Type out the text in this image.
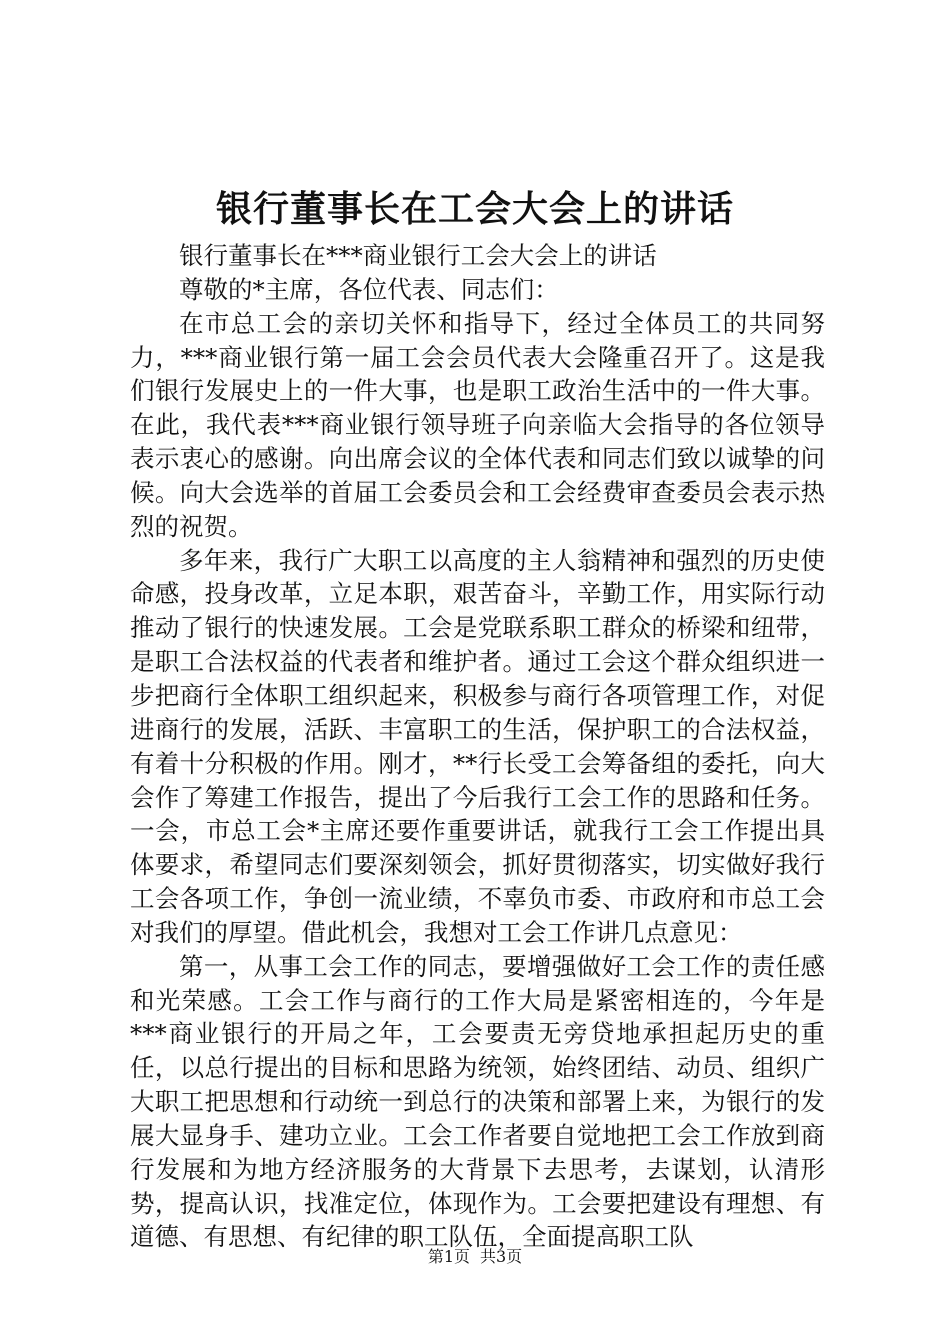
银行董事长在工会大会上的讲话

银行董事长在***商业银行工会大会上的讲话

尊敬的*主席，各位代表、同志们：

在市总工会的亲切关怀和指导下，经过全体员工的共同努力，***商业银行第一届工会会员代表大会隆重召开了。这是我们银行发展史上的一件大事，也是职工政治生活中的一件大事。在此，我代表***商业银行领导班子向亲临大会指导的各位领导表示衷心的感谢。向出席会议的全体代表和同志们致以诚挚的问候。向大会选举的首届工会委员会和工会经费审查委员会表示热烈的祝贺。

多年来，我行广大职工以高度的主人翁精神和强烈的历史使命感，投身改革，立足本职，艰苦奋斗，辛勤工作，用实际行动推动了银行的快速发展。工会是党联系职工群众的桥梁和纽带，是职工合法权益的代表者和维护者。通过工会这个群众组织进一步把商行全体职工组织起来，积极参与商行各项管理工作，对促进商行的发展，活跃、丰富职工的生活，保护职工的合法权益，有着十分积极的作用。刚才，**行长受工会筹备组的委托，向大会作了筹建工作报告，提出了今后我行工会工作的思路和任务。一会，市总工会*主席还要作重要讲话，就我行工会工作提出具体要求，希望同志们要深刻领会，抓好贯彻落实，切实做好我行工会各项工作，争创一流业绩，不辜负市委、市政府和市总工会对我们的厚望。借此机会，我想对工会工作讲几点意见：

第一，从事工会工作的同志，要增强做好工会工作的责任感和光荣感。工会工作与商行的工作大局是紧密相连的，今年是***商业银行的开局之年，工会要责无旁贷地承担起历史的重任，以总行提出的目标和思路为统领，始终团结、动员、组织广大职工把思想和行动统一到总行的决策和部署上来，为银行的发展大显身手、建功立业。工会工作者要自觉地把工会工作放到商行发展和为地方经济服务的大背景下去思考，去谋划，认清形势，提高认识，找准定位，体现作为。工会要把建设有理想、有道德、有思想、有纪律的职工队伍，全面提高职工队

第1页 共3页
